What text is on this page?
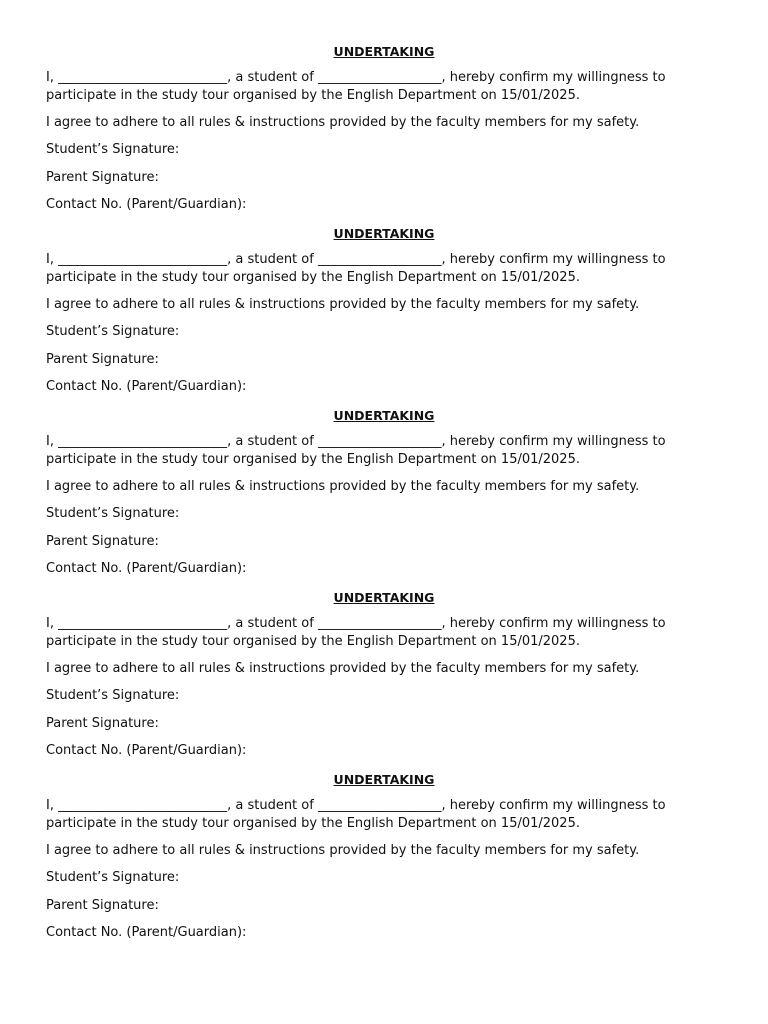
UNDERTAKING
I, __________________________, a student of ___________________, hereby confirm my willingness to
participate in the study tour organised by the English Department on 15/01/2025.
I agree to adhere to all rules & instructions provided by the faculty members for my safety.
Student’s Signature:
Parent Signature:
Contact No. (Parent/Guardian):
UNDERTAKING
I, __________________________, a student of ___________________, hereby confirm my willingness to
participate in the study tour organised by the English Department on 15/01/2025.
I agree to adhere to all rules & instructions provided by the faculty members for my safety.
Student’s Signature:
Parent Signature:
Contact No. (Parent/Guardian):
UNDERTAKING
I, __________________________, a student of ___________________, hereby confirm my willingness to
participate in the study tour organised by the English Department on 15/01/2025.
I agree to adhere to all rules & instructions provided by the faculty members for my safety.
Student’s Signature:
Parent Signature:
Contact No. (Parent/Guardian):
UNDERTAKING
I, __________________________, a student of ___________________, hereby confirm my willingness to
participate in the study tour organised by the English Department on 15/01/2025.
I agree to adhere to all rules & instructions provided by the faculty members for my safety.
Student’s Signature:
Parent Signature:
Contact No. (Parent/Guardian):
UNDERTAKING
I, __________________________, a student of ___________________, hereby confirm my willingness to
participate in the study tour organised by the English Department on 15/01/2025.
I agree to adhere to all rules & instructions provided by the faculty members for my safety.
Student’s Signature:
Parent Signature:
Contact No. (Parent/Guardian):
